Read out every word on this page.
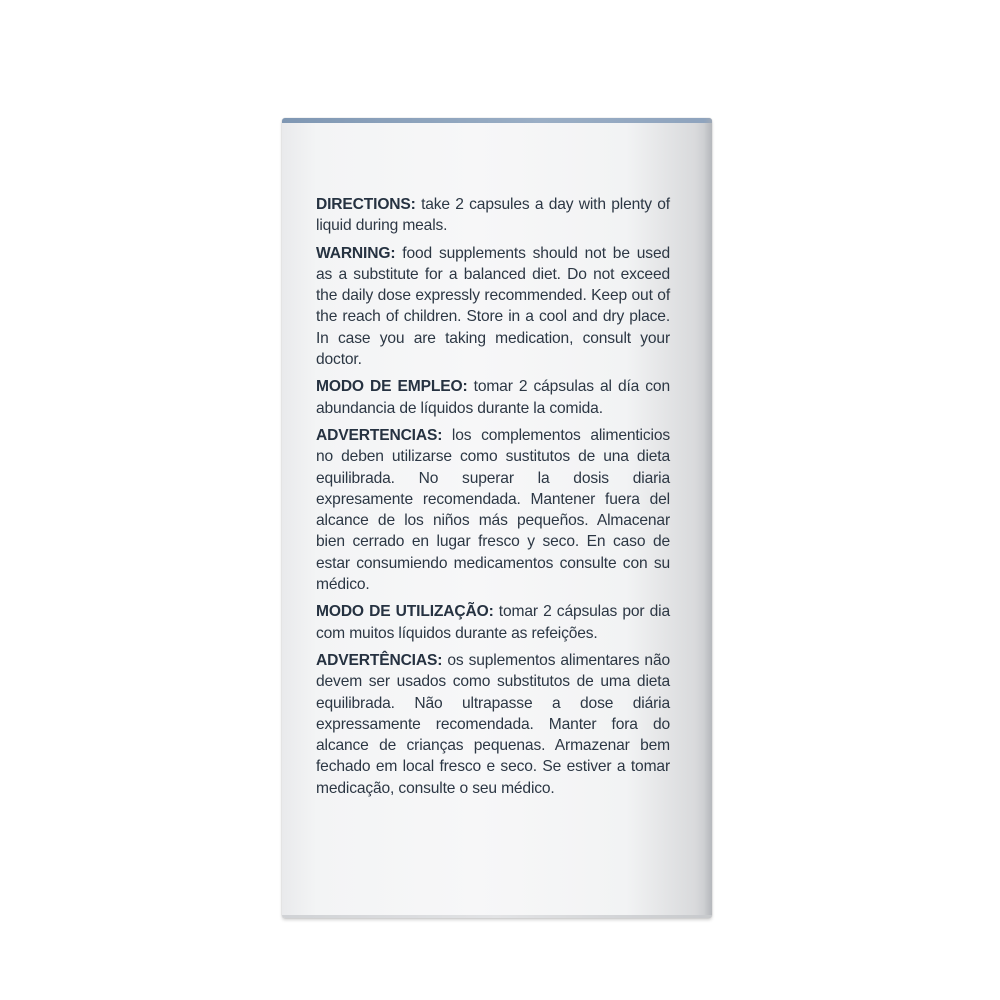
DIRECTIONS: take 2 capsules a day with plenty of liquid during meals.

WARNING: food supplements should not be used as a substitute for a balanced diet. Do not exceed the daily dose expressly recommended. Keep out of the reach of children. Store in a cool and dry place. In case you are taking medication, consult your doctor.

MODO DE EMPLEO: tomar 2 cápsulas al día con abundancia de líquidos durante la comida.

ADVERTENCIAS: los complementos alimenticios no deben utilizarse como sustitutos de una dieta equilibrada. No superar la dosis diaria expresamente recomendada. Mantener fuera del alcance de los niños más pequeños. Almacenar bien cerrado en lugar fresco y seco. En caso de estar consumiendo medicamentos consulte con su médico.

MODO DE UTILIZAÇÃO: tomar 2 cápsulas por dia com muitos líquidos durante as refeições.

ADVERTÊNCIAS: os suplementos alimentares não devem ser usados como substitutos de uma dieta equilibrada. Não ultrapasse a dose diária expressamente recomendada. Manter fora do alcance de crianças pequenas. Armazenar bem fechado em local fresco e seco. Se estiver a tomar medicação, consulte o seu médico.
